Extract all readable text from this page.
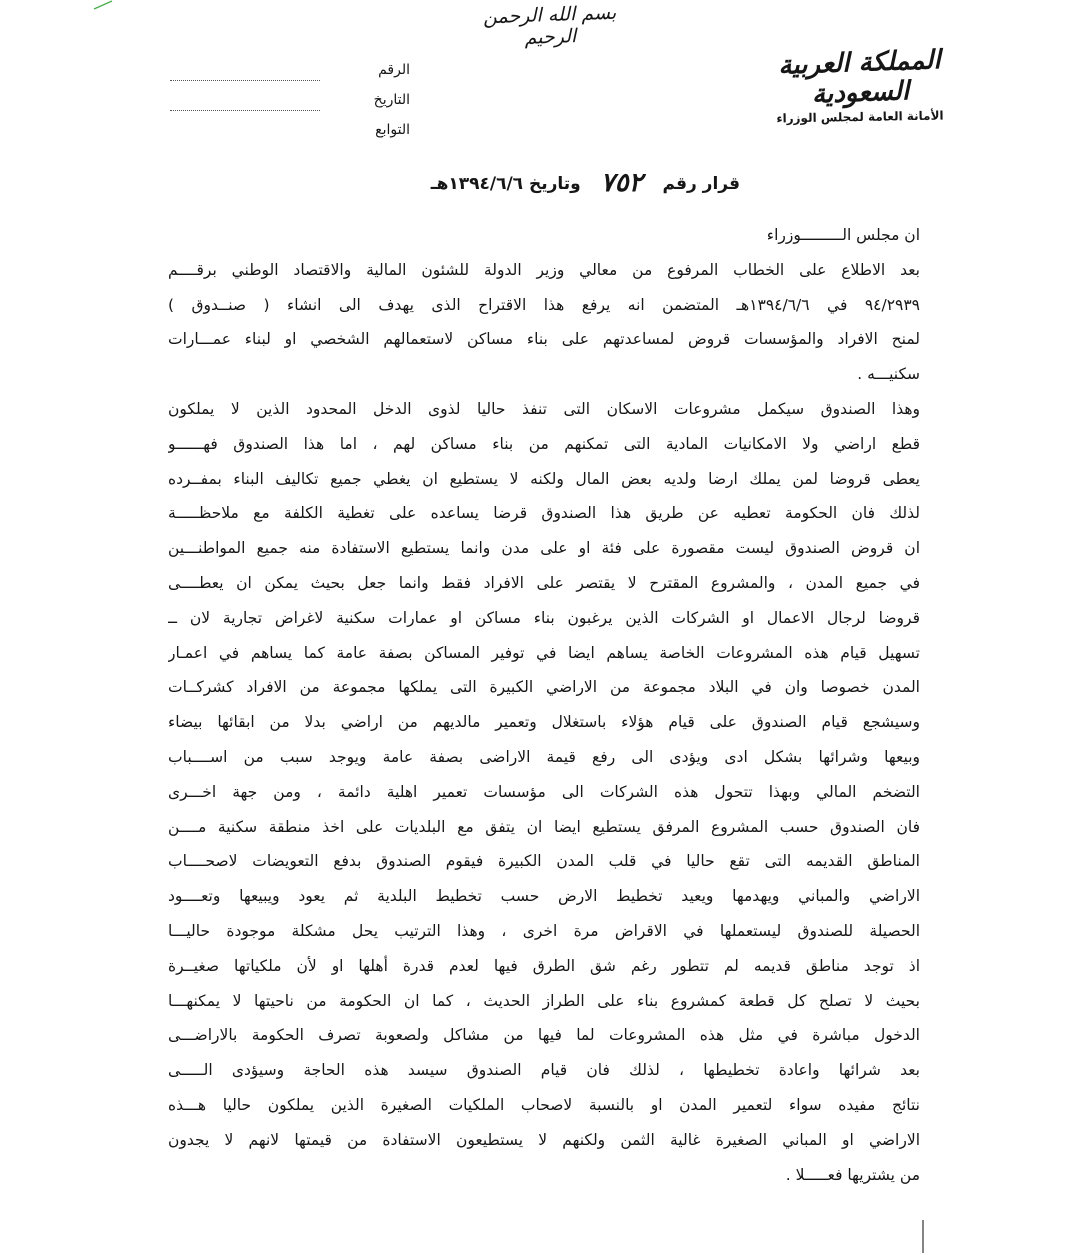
بسم الله الرحمن الرحيم
المملكة العربية السعودية
الأمانة العامة لمجلس الوزراء
الرقم
التاريخ
التوابع
قرار رقم ٧٥٢ وتاريخ ١٣٩٤/٦/٦هـ
ان مجلس الـــــــــوزراء
بعد الاطلاع على الخطاب المرفوع من معالي وزير الدولة للشئون المالية والاقتصاد الوطني برقــــم
٩٤/٢٩٣٩ في ١٣٩٤/٦/٦هـ المتضمن انه يرفع هذا الاقتراح الذى يهدف الى انشاء ( صنــدوق )
لمنح الافراد والمؤسسات قروض لمساعدتهم على بناء مساكن لاستعمالهم الشخصي او لبناء عمـــارات
سكنيـــه .
وهذا الصندوق سيكمل مشروعات الاسكان التى تنفذ حاليا لذوى الدخل المحدود الذين لا يملكون
قطع اراضي ولا الامكانيات المادية التى تمكنهم من بناء مساكن لهم ، اما هذا الصندوق فهــــــو
يعطى قروضا لمن يملك ارضا ولديه بعض المال ولكنه لا يستطيع ان يغطي جميع تكاليف البناء بمفــرده
لذلك فان الحكومة تعطيه عن طريق هذا الصندوق قرضا يساعده على تغطية الكلفة مع ملاحظـــــة
ان قروض الصندوق ليست مقصورة على فئة او على مدن وانما يستطيع الاستفادة منه جميع المواطنـــين
في جميع المدن ، والمشروع المقترح لا يقتصر على الافراد فقط وانما جعل بحيث يمكن ان يعطــــى
قروضا لرجال الاعمال او الشركات الذين يرغبون بناء مساكن او عمارات سكنية لاغراض تجارية لان ــ
تسهيل قيام هذه المشروعات الخاصة يساهم ايضا في توفير المساكن بصفة عامة كما يساهم في اعمـار
المدن خصوصا وان في البلاد مجموعة من الاراضي الكبيرة التى يملكها مجموعة من الافراد كشركــات
وسيشجع قيام الصندوق على قيام هؤلاء باستغلال وتعمير مالديهم من اراضي بدلا من ابقائها بيضاء
وبيعها وشرائها بشكل ادى ويؤدى الى رفع قيمة الاراضى بصفة عامة ويوجد سبب من اســــباب
التضخم المالي وبهذا تتحول هذه الشركات الى مؤسسات تعمير اهلية دائمة ، ومن جهة اخـــرى
فان الصندوق حسب المشروع المرفق يستطيع ايضا ان يتفق مع البلديات على اخذ منطقة سكنية مــــن
المناطق القديمه التى تقع حاليا في قلب المدن الكبيرة فيقوم الصندوق بدفع التعويضات لاصحــــاب
الاراضي والمباني ويهدمها ويعيد تخطيط الارض حسب تخطيط البلدية ثم يعود ويبيعها وتعــــود
الحصيلة للصندوق ليستعملها في الاقراض مرة اخرى ، وهذا الترتيب يحل مشكلة موجودة حاليـــا
اذ توجد مناطق قديمه لم تتطور رغم شق الطرق فيها لعدم قدرة أهلها او لأن ملكياتها صغيــرة
بحيث لا تصلح كل قطعة كمشروع بناء على الطراز الحديث ، كما ان الحكومة من ناحيتها لا يمكنهـــا
الدخول مباشرة في مثل هذه المشروعات لما فيها من مشاكل ولصعوبة تصرف الحكومة بالاراضـــى
بعد شرائها واعادة تخطيطها ، لذلك فان قيام الصندوق سيسد هذه الحاجة وسيؤدى الـــــى
نتائج مفيده سواء لتعمير المدن او بالنسبة لاصحاب الملكيات الصغيرة الذين يملكون حاليا هـــذه
الاراضي او المباني الصغيرة غالية الثمن ولكنهم لا يستطيعون الاستفادة من قيمتها لانهم لا يجدون
من يشتريها فعـــــلا .
